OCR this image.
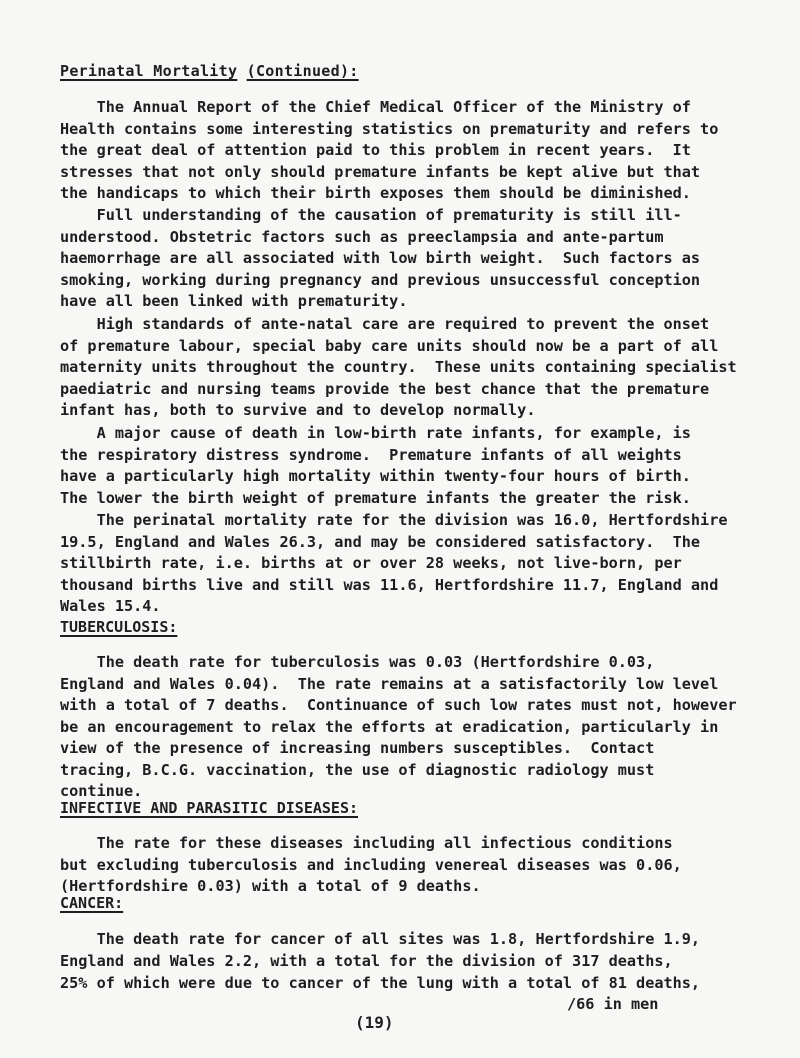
Perinatal Mortality (Continued):
The Annual Report of the Chief Medical Officer of the Ministry of
Health contains some interesting statistics on prematurity and refers to
the great deal of attention paid to this problem in recent years.  It
stresses that not only should premature infants be kept alive but that
the handicaps to which their birth exposes them should be diminished.
Full understanding of the causation of prematurity is still ill-
understood. Obstetric factors such as preeclampsia and ante-partum
haemorrhage are all associated with low birth weight.  Such factors as
smoking, working during pregnancy and previous unsuccessful conception
have all been linked with prematurity.
High standards of ante-natal care are required to prevent the onset
of premature labour, special baby care units should now be a part of all
maternity units throughout the country.  These units containing specialist
paediatric and nursing teams provide the best chance that the premature
infant has, both to survive and to develop normally.
A major cause of death in low-birth rate infants, for example, is
the respiratory distress syndrome.  Premature infants of all weights
have a particularly high mortality within twenty-four hours of birth.
The lower the birth weight of premature infants the greater the risk.
The perinatal mortality rate for the division was 16.0, Hertfordshire
19.5, England and Wales 26.3, and may be considered satisfactory.  The
stillbirth rate, i.e. births at or over 28 weeks, not live-born, per
thousand births live and still was 11.6, Hertfordshire 11.7, England and
Wales 15.4.
TUBERCULOSIS:
The death rate for tuberculosis was 0.03 (Hertfordshire 0.03,
England and Wales 0.04).  The rate remains at a satisfactorily low level
with a total of 7 deaths.  Continuance of such low rates must not, however
be an encouragement to relax the efforts at eradication, particularly in
view of the presence of increasing numbers susceptibles.  Contact
tracing, B.C.G. vaccination, the use of diagnostic radiology must
continue.
INFECTIVE AND PARASITIC DISEASES:
The rate for these diseases including all infectious conditions
but excluding tuberculosis and including venereal diseases was 0.06,
(Hertfordshire 0.03) with a total of 9 deaths.
CANCER:
The death rate for cancer of all sites was 1.8, Hertfordshire 1.9,
England and Wales 2.2, with a total for the division of 317 deaths,
25% of which were due to cancer of the lung with a total of 81 deaths,
/66 in men
(19)
